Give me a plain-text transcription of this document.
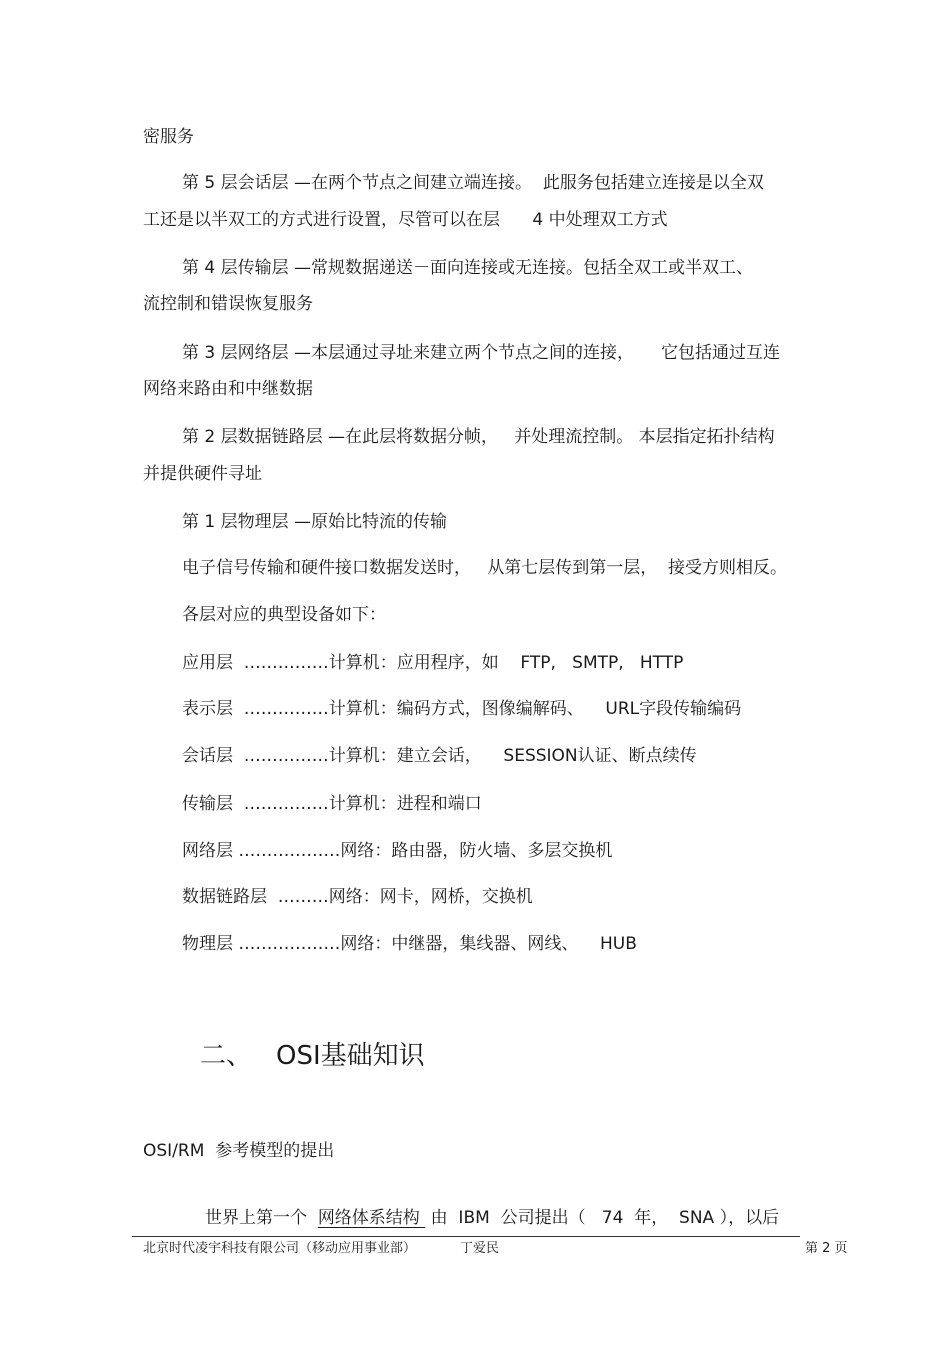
密服务
第 5 层会话层 —在两个节点之间建立端连接。  此服务包括建立连接是以全双
工还是以半双工的方式进行设置，尽管可以在层      4 中处理双工方式
第 4 层传输层 —常规数据递送－面向连接或无连接。包括全双工或半双工、
流控制和错误恢复服务
第 3 层网络层 —本层通过寻址来建立两个节点之间的连接，     它包括通过互连
网络来路由和中继数据
第 2 层数据链路层 —在此层将数据分帧，   并处理流控制。 本层指定拓扑结构
并提供硬件寻址
第 1 层物理层 —原始比特流的传输
电子信号传输和硬件接口数据发送时，   从第七层传到第一层，  接受方则相反。
各层对应的典型设备如下：
应用层  ……………计算机：应用程序，如    FTP,   SMTP,   HTTP
表示层  ……………计算机：编码方式，图像编解码、    URL字段传输编码
会话层  ……………计算机：建立会话，    SESSION认证、断点续传
传输层  ……………计算机：进程和端口
网络层 ………………网络：路由器，防火墙、多层交换机
数据链路层  ………网络：网卡，网桥，交换机
物理层 ………………网络：中继器，集线器、网线、    HUB
二、 OSI基础知识
OSI/RM  参考模型的提出
世界上第一个  网络体系结构  由  IBM  公司提出（   74  年，  SNA ），以后
北京时代凌宇科技有限公司（移动应用事业部）	丁爱民	第 2 页
